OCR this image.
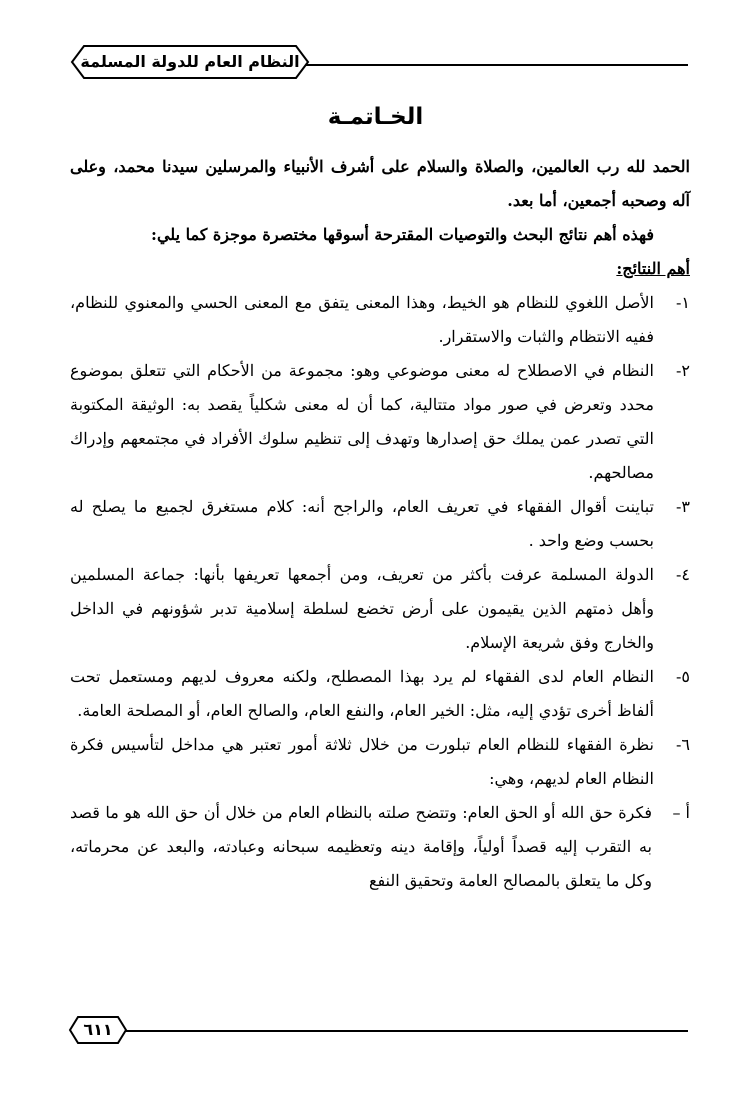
النظام العام للدولة المسلمة
الخـاتمـة

الحمد لله رب العالمين، والصلاة والسلام على أشرف الأنبياء والمرسلين سيدنا محمد، وعلى آله وصحبه أجمعين، أما بعد.

فهذه أهم نتائج البحث والتوصيات المقترحة أسوقها مختصرة موجزة كما يلي:

أهم النتائج:

١-
الأصل اللغوي للنظام هو الخيط، وهذا المعنى يتفق مع المعنى الحسي والمعنوي للنظام، ففيه الانتظام والثبات والاستقرار.
٢-
النظام في الاصطلاح له معنى موضوعي وهو: مجموعة من الأحكام التي تتعلق بموضوع محدد وتعرض في صور مواد متتالية، كما أن له معنى شكلياً يقصد به: الوثيقة المكتوبة التي تصدر عمن يملك حق إصدارها وتهدف إلى تنظيم سلوك الأفراد في مجتمعهم وإدراك مصالحهم.
٣-
تباينت أقوال الفقهاء في تعريف العام، والراجح أنه: كلام مستغرق لجميع ما يصلح له بحسب وضع واحد .
٤-
الدولة المسلمة عرفت بأكثر من تعريف، ومن أجمعها تعريفها بأنها: جماعة المسلمين وأهل ذمتهم الذين يقيمون على أرض تخضع لسلطة إسلامية تدبر شؤونهم في الداخل والخارج وفق شريعة الإسلام.
٥-
النظام العام لدى الفقهاء لم يرد بهذا المصطلح، ولكنه معروف لديهم ومستعمل تحت ألفاظ أخرى تؤدي إليه، مثل: الخير العام، والنفع العام، والصالح العام، أو المصلحة العامة.
٦-
نظرة الفقهاء للنظام العام تبلورت من خلال ثلاثة أمور تعتبر هي مداخل لتأسيس فكرة النظام العام لديهم، وهي:
أ –
فكرة حق الله أو الحق العام: وتتضح صلته بالنظام العام من خلال أن حق الله هو ما قصد به التقرب إليه قصداً أولياً، وإقامة دينه وتعظيمه سبحانه وعبادته، والبعد عن محرماته، وكل ما يتعلق بالمصالح العامة وتحقيق النفع
٦١١
